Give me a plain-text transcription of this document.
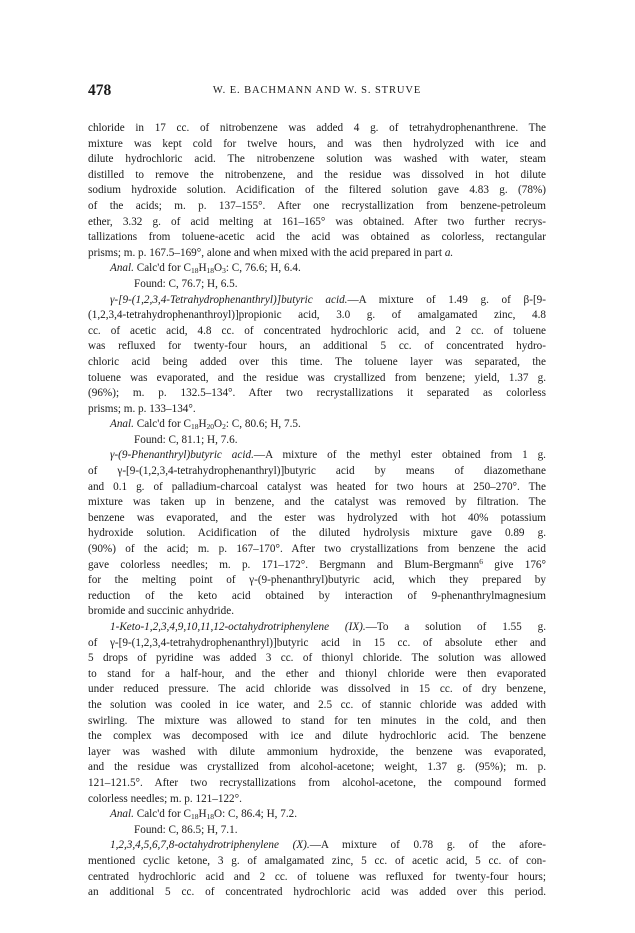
478	W. E. BACHMANN AND W. S. STRUVE
chloride in 17 cc. of nitrobenzene was added 4 g. of tetrahydrophenanthrene. The
mixture was kept cold for twelve hours, and was then hydrolyzed with ice and
dilute hydrochloric acid. The nitrobenzene solution was washed with water, steam
distilled to remove the nitrobenzene, and the residue was dissolved in hot dilute
sodium hydroxide solution. Acidification of the filtered solution gave 4.83 g. (78%)
of the acids; m. p. 137–155°. After one recrystallization from benzene-petroleum
ether, 3.32 g. of acid melting at 161–165° was obtained. After two further recrys-
tallizations from toluene-acetic acid the acid was obtained as colorless, rectangular
prisms; m. p. 167.5–169°, alone and when mixed with the acid prepared in part a.
Anal. Calc'd for $C_{18}H_{18}O_3$: C, 76.6; H, 6.4.
Found: C, 76.7; H, 6.5.
γ-[9-(1,2,3,4-Tetrahydrophenanthryl)]butyric acid.—A mixture of 1.49 g. of β-[9-
(1,2,3,4-tetrahydrophenanthroyl)]propionic acid, 3.0 g. of amalgamated zinc, 4.8
cc. of acetic acid, 4.8 cc. of concentrated hydrochloric acid, and 2 cc. of toluene
was refluxed for twenty-four hours, an additional 5 cc. of concentrated hydro-
chloric acid being added over this time. The toluene layer was separated, the
toluene was evaporated, and the residue was crystallized from benzene; yield, 1.37 g.
(96%); m. p. 132.5–134°. After two recrystallizations it separated as colorless
prisms; m. p. 133–134°.
Anal. Calc'd for $C_{18}H_{20}O_2$: C, 80.6; H, 7.5.
Found: C, 81.1; H, 7.6.
γ-(9-Phenanthryl)butyric acid.—A mixture of the methyl ester obtained from 1 g.
of γ-[9-(1,2,3,4-tetrahydrophenanthryl)]butyric acid by means of diazomethane
and 0.1 g. of palladium-charcoal catalyst was heated for two hours at 250–270°. The
mixture was taken up in benzene, and the catalyst was removed by filtration. The
benzene was evaporated, and the ester was hydrolyzed with hot 40% potassium
hydroxide solution. Acidification of the diluted hydrolysis mixture gave 0.89 g.
(90%) of the acid; m. p. 167–170°. After two crystallizations from benzene the acid
gave colorless needles; m. p. 171–172°. Bergmann and Blum-Bergmann$^6$ give 176°
for the melting point of γ-(9-phenanthryl)butyric acid, which they prepared by
reduction of the keto acid obtained by interaction of 9-phenanthrylmagnesium
bromide and succinic anhydride.
1-Keto-1,2,3,4,9,10,11,12-octahydrotriphenylene (IX).—To a solution of 1.55 g.
of γ-[9-(1,2,3,4-tetrahydrophenanthryl)]butyric acid in 15 cc. of absolute ether and
5 drops of pyridine was added 3 cc. of thionyl chloride. The solution was allowed
to stand for a half-hour, and the ether and thionyl chloride were then evaporated
under reduced pressure. The acid chloride was dissolved in 15 cc. of dry benzene,
the solution was cooled in ice water, and 2.5 cc. of stannic chloride was added with
swirling. The mixture was allowed to stand for ten minutes in the cold, and then
the complex was decomposed with ice and dilute hydrochloric acid. The benzene
layer was washed with dilute ammonium hydroxide, the benzene was evaporated,
and the residue was crystallized from alcohol-acetone; weight, 1.37 g. (95%); m. p.
121–121.5°. After two recrystallizations from alcohol-acetone, the compound formed
colorless needles; m. p. 121–122°.
Anal. Calc'd for $C_{18}H_{18}O$: C, 86.4; H, 7.2.
Found: C, 86.5; H, 7.1.
1,2,3,4,5,6,7,8-octahydrotriphenylene (X).—A mixture of 0.78 g. of the afore-
mentioned cyclic ketone, 3 g. of amalgamated zinc, 5 cc. of acetic acid, 5 cc. of con-
centrated hydrochloric acid and 2 cc. of toluene was refluxed for twenty-four hours;
an additional 5 cc. of concentrated hydrochloric acid was added over this period.
